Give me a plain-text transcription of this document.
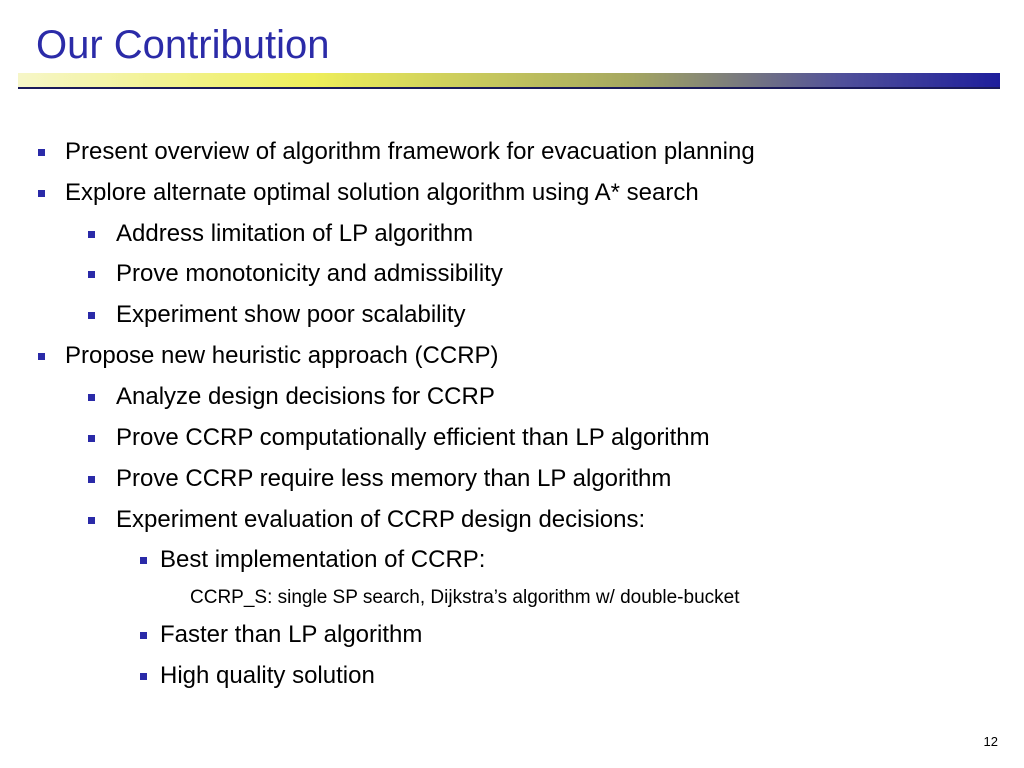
Our Contribution
Present overview of algorithm framework for evacuation planning
Explore alternate optimal solution algorithm using A* search
Address limitation of LP algorithm
Prove monotonicity and admissibility
Experiment show poor scalability
Propose new heuristic approach (CCRP)
Analyze design decisions for CCRP
Prove CCRP computationally efficient than LP algorithm
Prove CCRP require less memory than LP algorithm
Experiment evaluation of CCRP design decisions:
Best implementation of CCRP:
CCRP_S: single SP search, Dijkstra’s algorithm w/ double-bucket
Faster than LP algorithm
High quality solution
12
